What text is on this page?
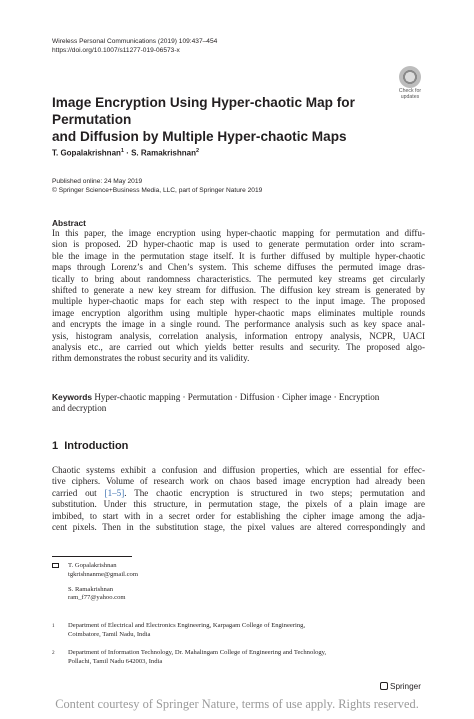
Wireless Personal Communications (2019) 109:437–454
https://doi.org/10.1007/s11277-019-06573-x
Check for
updates
Image Encryption Using Hyper‑chaotic Map for Permutation
and Diffusion by Multiple Hyper‑chaotic Maps
T. Gopalakrishnan$^1$ · S. Ramakrishnan$^2$
Published online: 24 May 2019
© Springer Science+Business Media, LLC, part of Springer Nature 2019
Abstract
In this paper, the image encryption using hyper-chaotic mapping for permutation and diffu-
sion is proposed. 2D hyper-chaotic map is used to generate permutation order into scram-
ble the image in the permutation stage itself. It is further diffused by multiple hyper-chaotic
maps through Lorenz’s and Chen’s system. This scheme diffuses the permuted image dras-
tically to bring about randomness characteristics. The permuted key streams get circularly
shifted to generate a new key stream for diffusion. The diffusion key stream is generated by
multiple hyper-chaotic maps for each step with respect to the input image. The proposed
image encryption algorithm using multiple hyper-chaotic maps eliminates multiple rounds
and encrypts the image in a single round. The performance analysis such as key space anal-
ysis, histogram analysis, correlation analysis, information entropy analysis, NCPR, UACI
analysis etc., are carried out which yields better results and security. The proposed algo-
rithm demonstrates the robust security and its validity.
Keywords Hyper-chaotic mapping · Permutation · Diffusion · Cipher image · Encryption
and decryption
1 Introduction
Chaotic systems exhibit a confusion and diffusion properties, which are essential for effec-
tive ciphers. Volume of research work on chaos based image encryption had already been
carried out [1–5]. The chaotic encryption is structured in two steps; permutation and
substitution. Under this structure, in permutation stage, the pixels of a plain image are
imbibed, to start with in a secret order for establishing the cipher image among the adja-
cent pixels. Then in the substitution stage, the pixel values are altered correspondingly and
T. Gopalakrishnan
tgkrishnanme@gmail.com
S. Ramakrishnan
ram_f77@yahoo.com
1 Department of Electrical and Electronics Engineering, Karpagam College of Engineering,
Coimbatore, Tamil Nadu, India
2 Department of Information Technology, Dr. Mahalingam College of Engineering and Technology,
Pollachi, Tamil Nadu 642003, India
Springer
Content courtesy of Springer Nature, terms of use apply. Rights reserved.
